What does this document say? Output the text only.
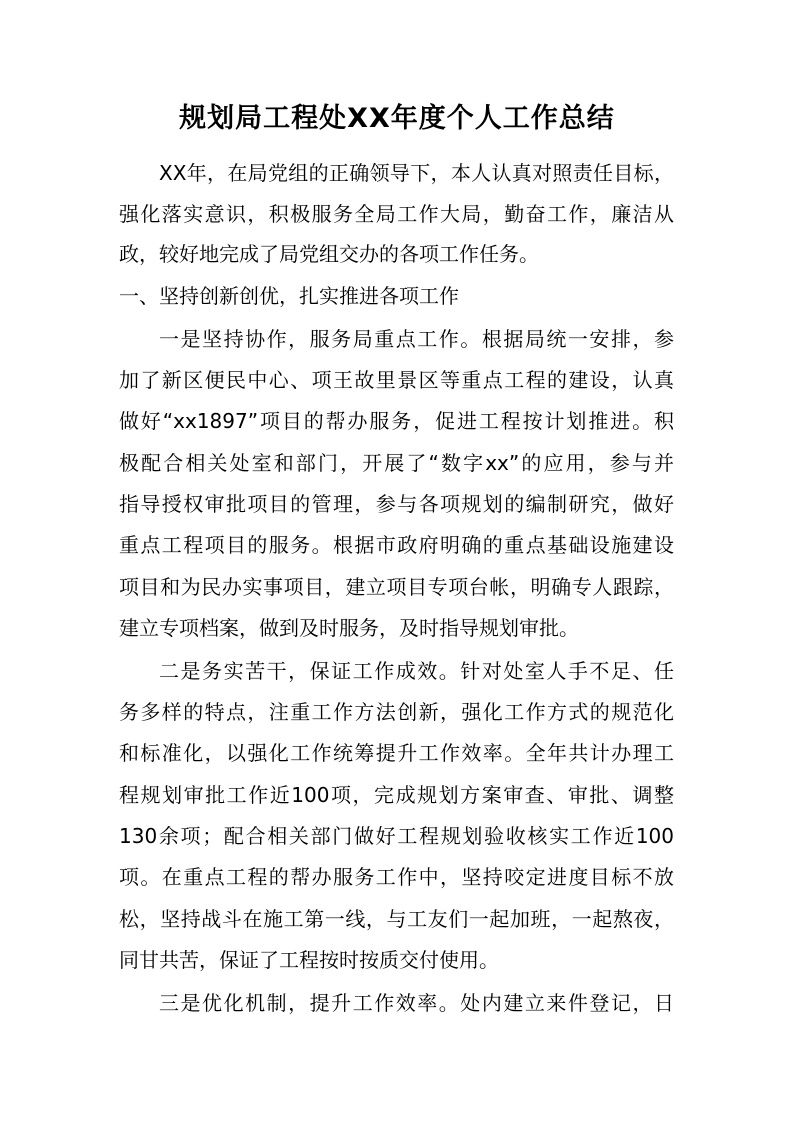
规划局工程处XX年度个人工作总结
XX年，在局党组的正确领导下，本人认真对照责任目标，
强化落实意识，积极服务全局工作大局，勤奋工作，廉洁从
政，较好地完成了局党组交办的各项工作任务。
一、坚持创新创优，扎实推进各项工作
一是坚持协作，服务局重点工作。根据局统一安排，参
加了新区便民中心、项王故里景区等重点工程的建设，认真
做好“xx1897”项目的帮办服务，促进工程按计划推进。积
极配合相关处室和部门，开展了“数字xx”的应用，参与并
指导授权审批项目的管理，参与各项规划的编制研究，做好
重点工程项目的服务。根据市政府明确的重点基础设施建设
项目和为民办实事项目，建立项目专项台帐，明确专人跟踪，
建立专项档案，做到及时服务，及时指导规划审批。
二是务实苦干，保证工作成效。针对处室人手不足、任
务多样的特点，注重工作方法创新，强化工作方式的规范化
和标准化，以强化工作统筹提升工作效率。全年共计办理工
程规划审批工作近100项，完成规划方案审查、审批、调整
130余项；配合相关部门做好工程规划验收核实工作近100
项。在重点工程的帮办服务工作中，坚持咬定进度目标不放
松，坚持战斗在施工第一线，与工友们一起加班，一起熬夜，
同甘共苦，保证了工程按时按质交付使用。
三是优化机制，提升工作效率。处内建立来件登记，日
